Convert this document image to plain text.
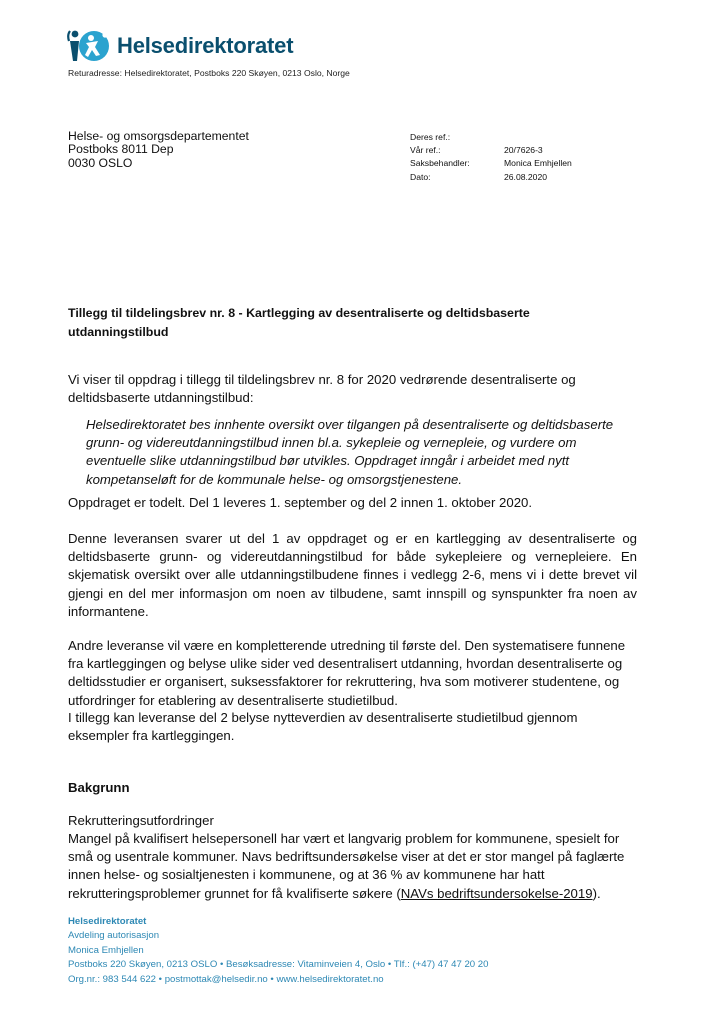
Helsedirektoratet
Returadresse: Helsedirektoratet, Postboks 220 Skøyen, 0213 Oslo, Norge
Helse- og omsorgsdepartementet
Postboks 8011 Dep
0030 OSLO
Deres ref.:
Vår ref.:	20/7626-3
Saksbehandler:	Monica Emhjellen
Dato:	26.08.2020
Tillegg til tildelingsbrev nr. 8 - Kartlegging av desentraliserte og deltidsbaserte utdanningstilbud
Vi viser til oppdrag i tillegg til tildelingsbrev nr. 8 for 2020 vedrørende desentraliserte og deltidsbaserte utdanningstilbud:
Helsedirektoratet bes innhente oversikt over tilgangen på desentraliserte og deltidsbaserte grunn- og videreutdanningstilbud innen bl.a. sykepleie og vernepleie, og vurdere om eventuelle slike utdanningstilbud bør utvikles. Oppdraget inngår i arbeidet med nytt kompetanseløft for de kommunale helse- og omsorgstjenestene.
Oppdraget er todelt. Del 1 leveres 1. september og del 2 innen 1. oktober 2020.
Denne leveransen svarer ut del 1 av oppdraget og er en kartlegging av desentraliserte og deltidsbaserte grunn- og videreutdanningstilbud for både sykepleiere og vernepleiere. En skjematisk oversikt over alle utdanningstilbudene finnes i vedlegg 2-6, mens vi i dette brevet vil gjengi en del mer informasjon om noen av tilbudene, samt innspill og synspunkter fra noen av informantene.
Andre leveranse vil være en kompletterende utredning til første del. Den systematisere funnene fra kartleggingen og belyse ulike sider ved desentralisert utdanning, hvordan desentraliserte og deltidsstudier er organisert, suksessfaktorer for rekruttering, hva som motiverer studentene, og utfordringer for etablering av desentraliserte studietilbud.
I tillegg kan leveranse del 2 belyse nytteverdien av desentraliserte studietilbud gjennom eksempler fra kartleggingen.
Bakgrunn
Rekrutteringsutfordringer
Mangel på kvalifisert helsepersonell har vært et langvarig problem for kommunene, spesielt for små og usentrale kommuner. Navs bedriftsundersøkelse viser at det er stor mangel på faglærte innen helse- og sosialtjenesten i kommunene, og at 36 % av kommunene har hatt rekrutteringsproblemer grunnet for få kvalifiserte søkere (NAVs bedriftsundersokelse-2019).
Helsedirektoratet
Avdeling autorisasjon
Monica Emhjellen
Postboks 220 Skøyen, 0213 OSLO • Besøksadresse: Vitaminveien 4, Oslo • Tlf.: (+47) 47 47 20 20
Org.nr.: 983 544 622 • postmottak@helsedir.no • www.helsedirektoratet.no
